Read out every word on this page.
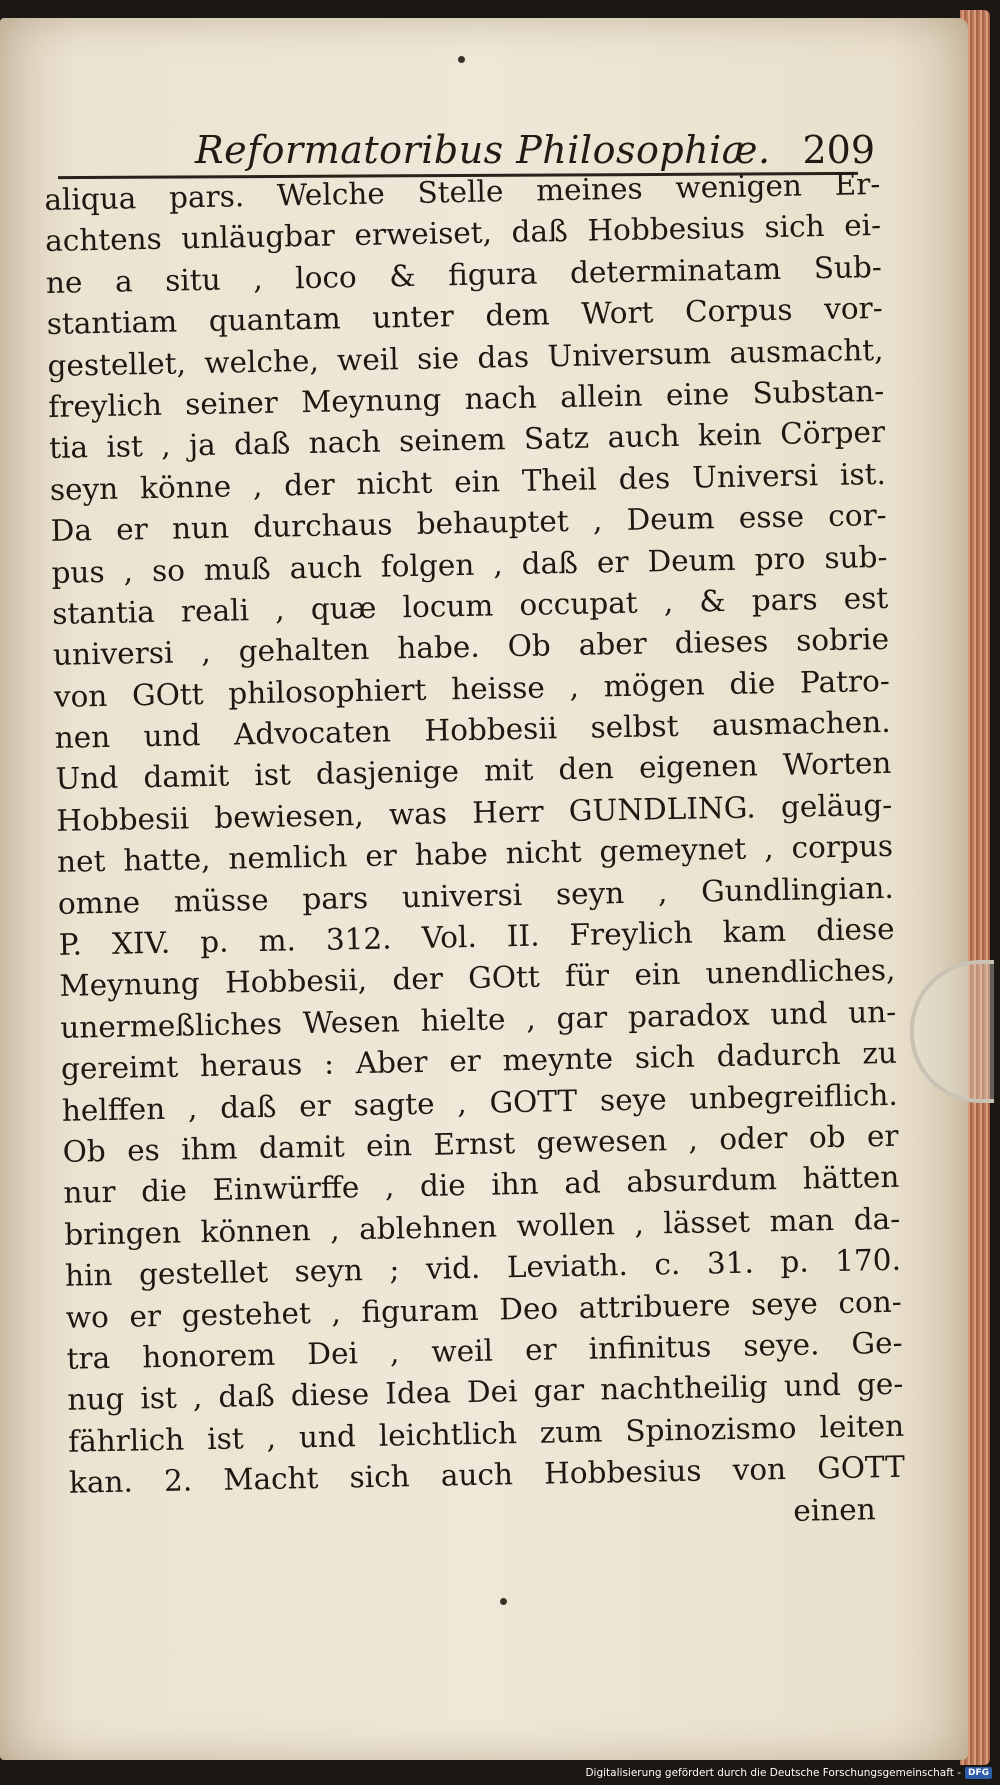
Reformatoribus Philosophiæ. 209
aliqua pars. Welche Stelle meines wenigen Er-
achtens unläugbar erweiset, daß Hobbesius sich ei-
ne a situ , loco & figura determinatam Sub-
stantiam quantam unter dem Wort Corpus vor-
gestellet, welche, weil sie das Universum ausmacht,
freylich seiner Meynung nach allein eine Substan-
tia ist , ja daß nach seinem Satz auch kein Cörper
seyn könne , der nicht ein Theil des Universi ist.
Da er nun durchaus behauptet , Deum esse cor-
pus , so muß auch folgen , daß er Deum pro sub-
stantia reali , quæ locum occupat , & pars est
universi , gehalten habe. Ob aber dieses sobrie
von GOtt philosophiert heisse , mögen die Patro-
nen und Advocaten Hobbesii selbst ausmachen.
Und damit ist dasjenige mit den eigenen Worten
Hobbesii bewiesen, was Herr GUNDLING. geläug-
net hatte, nemlich er habe nicht gemeynet , corpus
omne müsse pars universi seyn , Gundlingian.
P. XIV. p. m. 312. Vol. II. Freylich kam diese
Meynung Hobbesii, der GOtt für ein unendliches,
unermeßliches Wesen hielte , gar paradox und un-
gereimt heraus : Aber er meynte sich dadurch zu
helffen , daß er sagte , GOTT seye unbegreiflich.
Ob es ihm damit ein Ernst gewesen , oder ob er
nur die Einwürffe , die ihn ad absurdum hätten
bringen können , ablehnen wollen , lässet man da-
hin gestellet seyn ; vid. Leviath. c. 31. p. 170.
wo er gestehet , figuram Deo attribuere seye con-
tra honorem Dei , weil er infinitus seye. Ge-
nug ist , daß diese Idea Dei gar nachtheilig und ge-
fährlich ist , und leichtlich zum Spinozismo leiten
kan. 2. Macht sich auch Hobbesius von GOTT
einen
Digitalisierung gefördert durch die Deutsche Forschungsgemeinschaft - DFG
